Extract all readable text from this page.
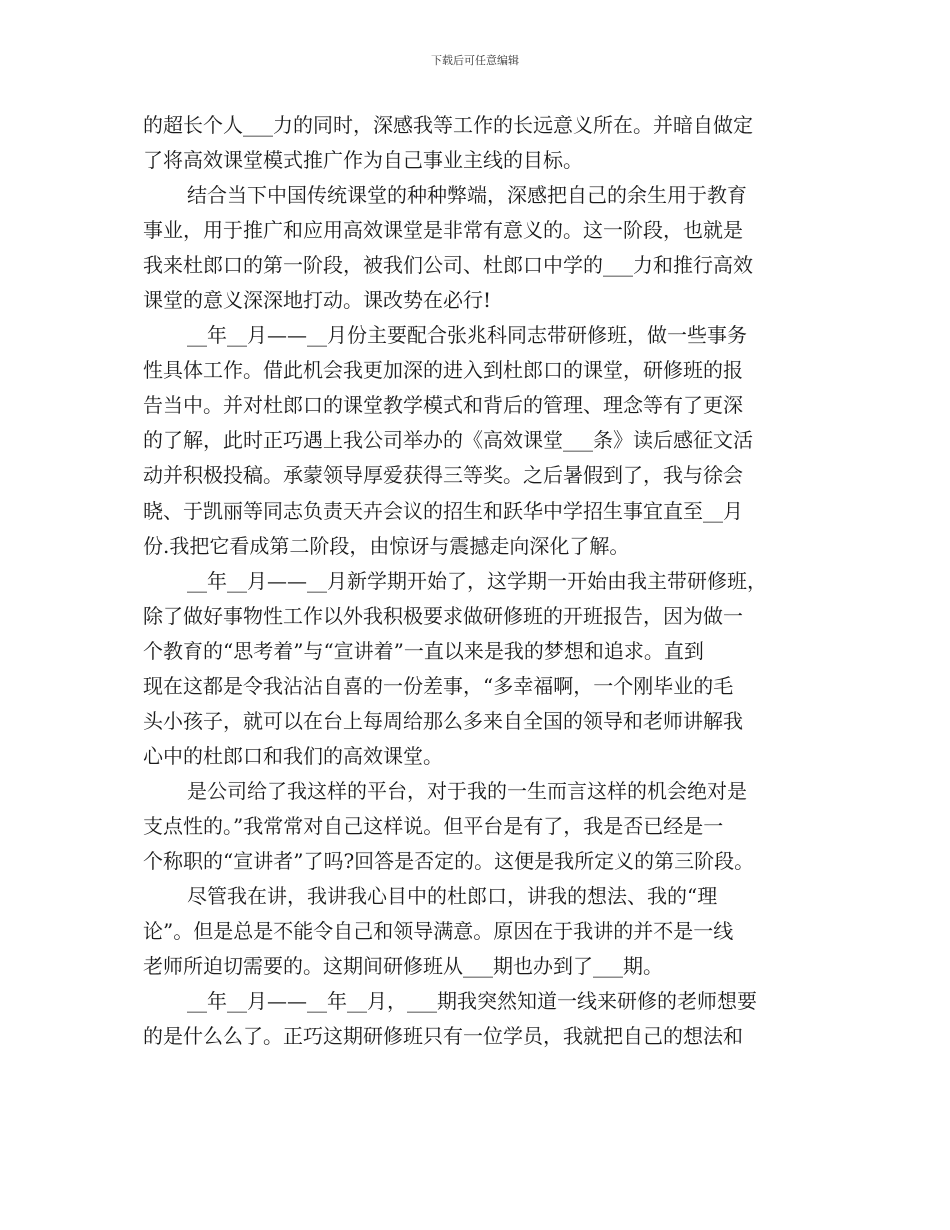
下载后可任意编辑
的超长个人___力的同时，深感我等工作的长远意义所在。并暗自做定
了将高效课堂模式推广作为自己事业主线的目标。
结合当下中国传统课堂的种种弊端，深感把自己的余生用于教育
事业，用于推广和应用高效课堂是非常有意义的。这一阶段，也就是
我来杜郎口的第一阶段，被我们公司、杜郎口中学的___力和推行高效
课堂的意义深深地打动。课改势在必行!
__年__月——__月份主要配合张兆科同志带研修班，做一些事务
性具体工作。借此机会我更加深的进入到杜郎口的课堂，研修班的报
告当中。并对杜郎口的课堂教学模式和背后的管理、理念等有了更深
的了解，此时正巧遇上我公司举办的《高效课堂___条》读后感征文活
动并积极投稿。承蒙领导厚爱获得三等奖。之后暑假到了，我与徐会
晓、于凯丽等同志负责天卉会议的招生和跃华中学招生事宜直至__月
份.我把它看成第二阶段，由惊讶与震撼走向深化了解。
__年__月——__月新学期开始了，这学期一开始由我主带研修班，
除了做好事物性工作以外我积极要求做研修班的开班报告，因为做一
个教育的“思考着”与“宣讲着”一直以来是我的梦想和追求。直到
现在这都是令我沾沾自喜的一份差事，“多幸福啊，一个刚毕业的毛
头小孩子，就可以在台上每周给那么多来自全国的领导和老师讲解我
心中的杜郎口和我们的高效课堂。
是公司给了我这样的平台，对于我的一生而言这样的机会绝对是
支点性的。”我常常对自己这样说。但平台是有了，我是否已经是一
个称职的“宣讲者”了吗?回答是否定的。这便是我所定义的第三阶段。
尽管我在讲，我讲我心目中的杜郎口，讲我的想法、我的“理
论”。但是总是不能令自己和领导满意。原因在于我讲的并不是一线
老师所迫切需要的。这期间研修班从___期也办到了___期。
__年__月——__年__月，___期我突然知道一线来研修的老师想要
的是什么么了。正巧这期研修班只有一位学员，我就把自己的想法和
